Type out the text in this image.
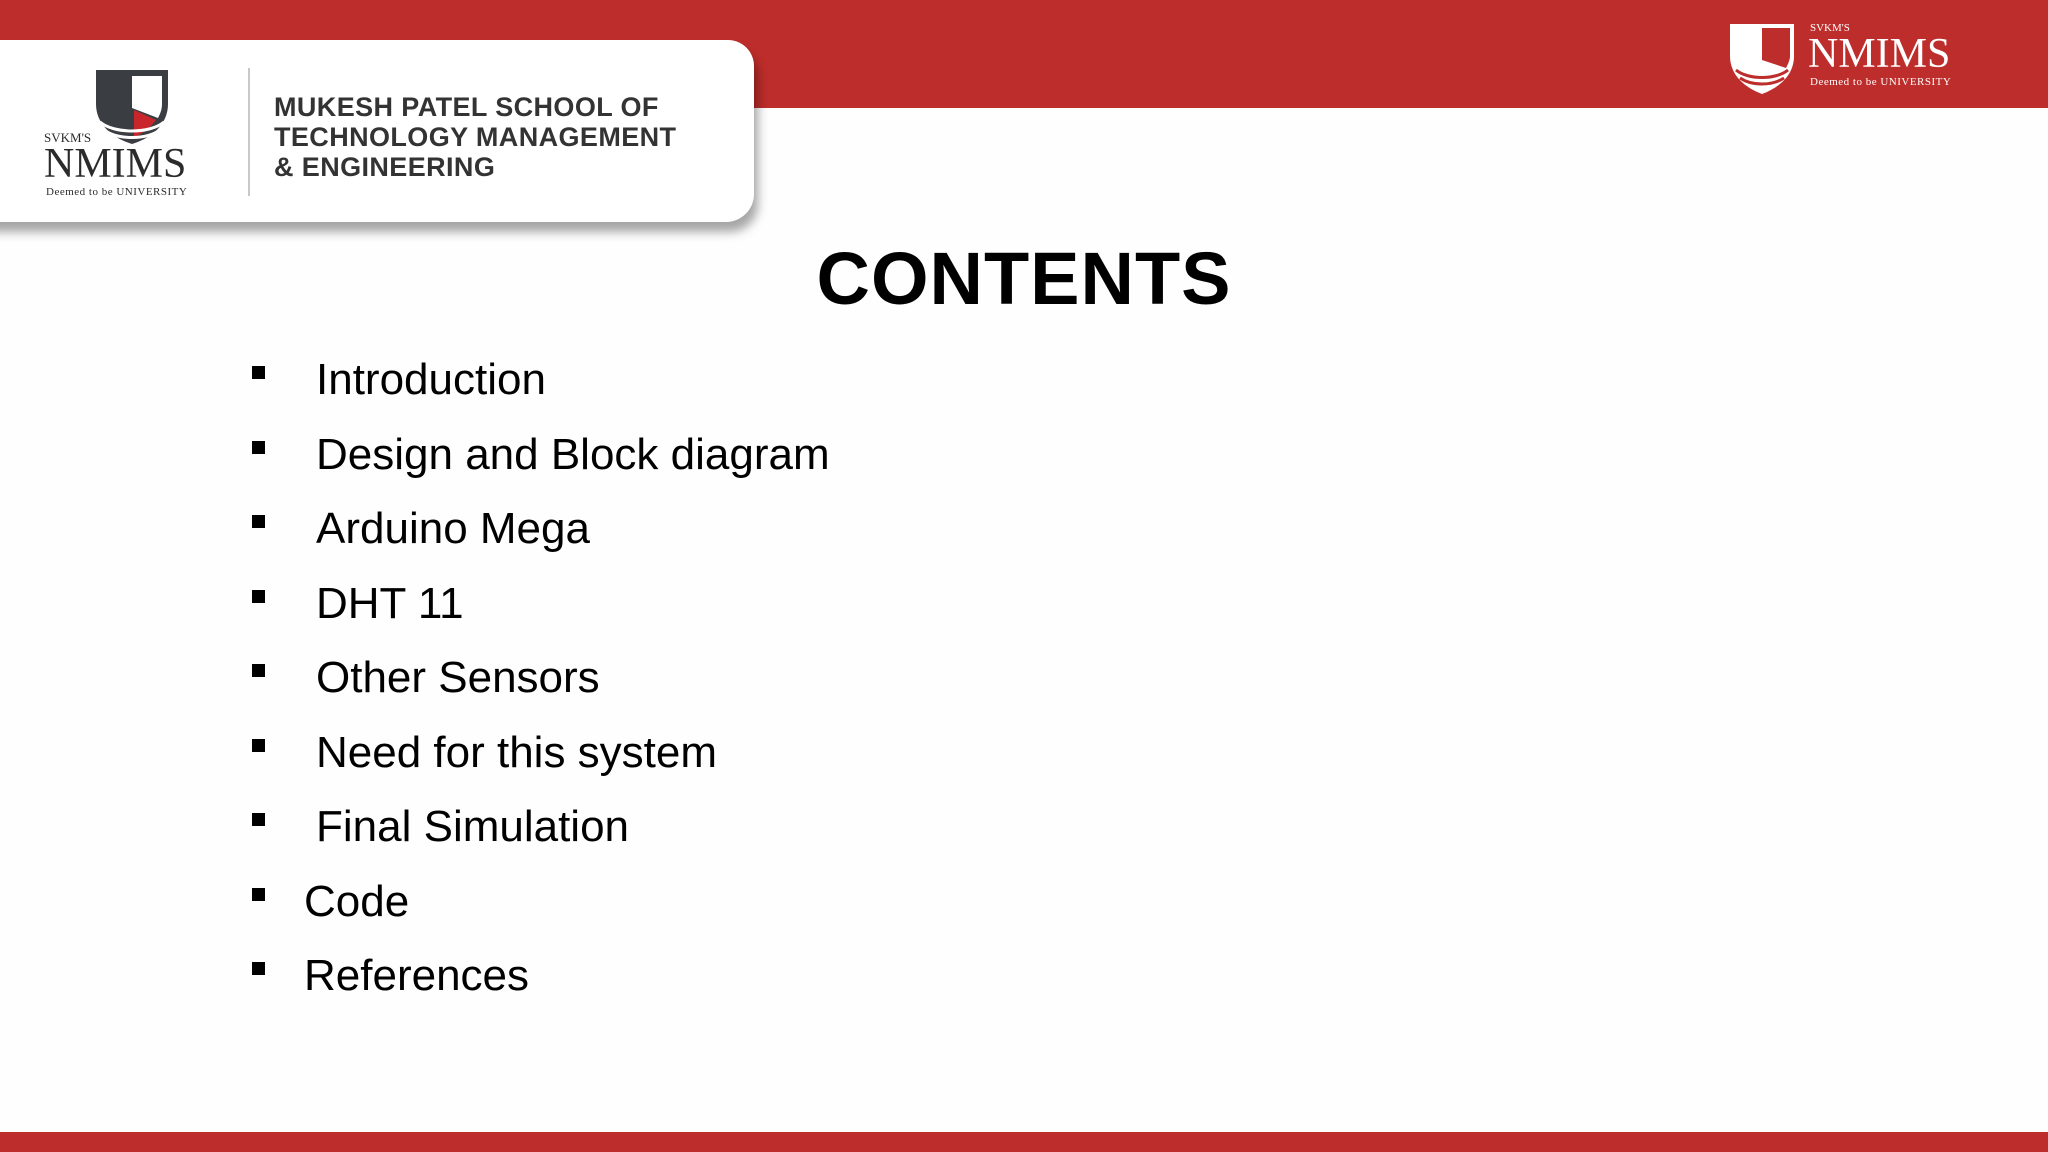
SVKM'S
NMIMS
Deemed to be UNIVERSITY
SVKM'S
NMIMS
Deemed to be UNIVERSITY
MUKESH PATEL SCHOOL OF
TECHNOLOGY MANAGEMENT
& ENGINEERING
CONTENTS
Introduction
Design and Block diagram
Arduino Mega
DHT 11
Other Sensors
Need for this system
Final Simulation
Code
References
